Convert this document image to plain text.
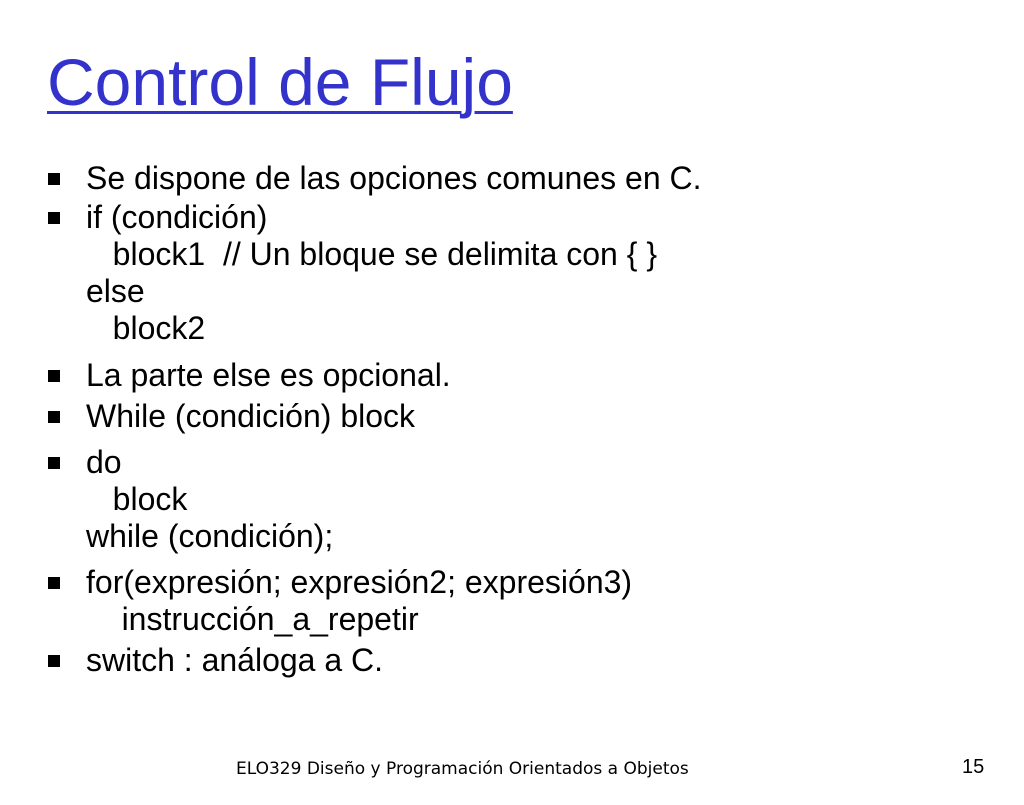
Control de Flujo
Se dispone de las opciones comunes en C.
if (condición)
block1  // Un bloque se delimita con { }
else
block2
La parte else es opcional.
While (condición) block
do
block
while (condición);
for(expresión; expresión2; expresión3)
instrucción_a_repetir
switch : análoga a C.
ELO329 Diseño y Programación Orientados a Objetos	15
